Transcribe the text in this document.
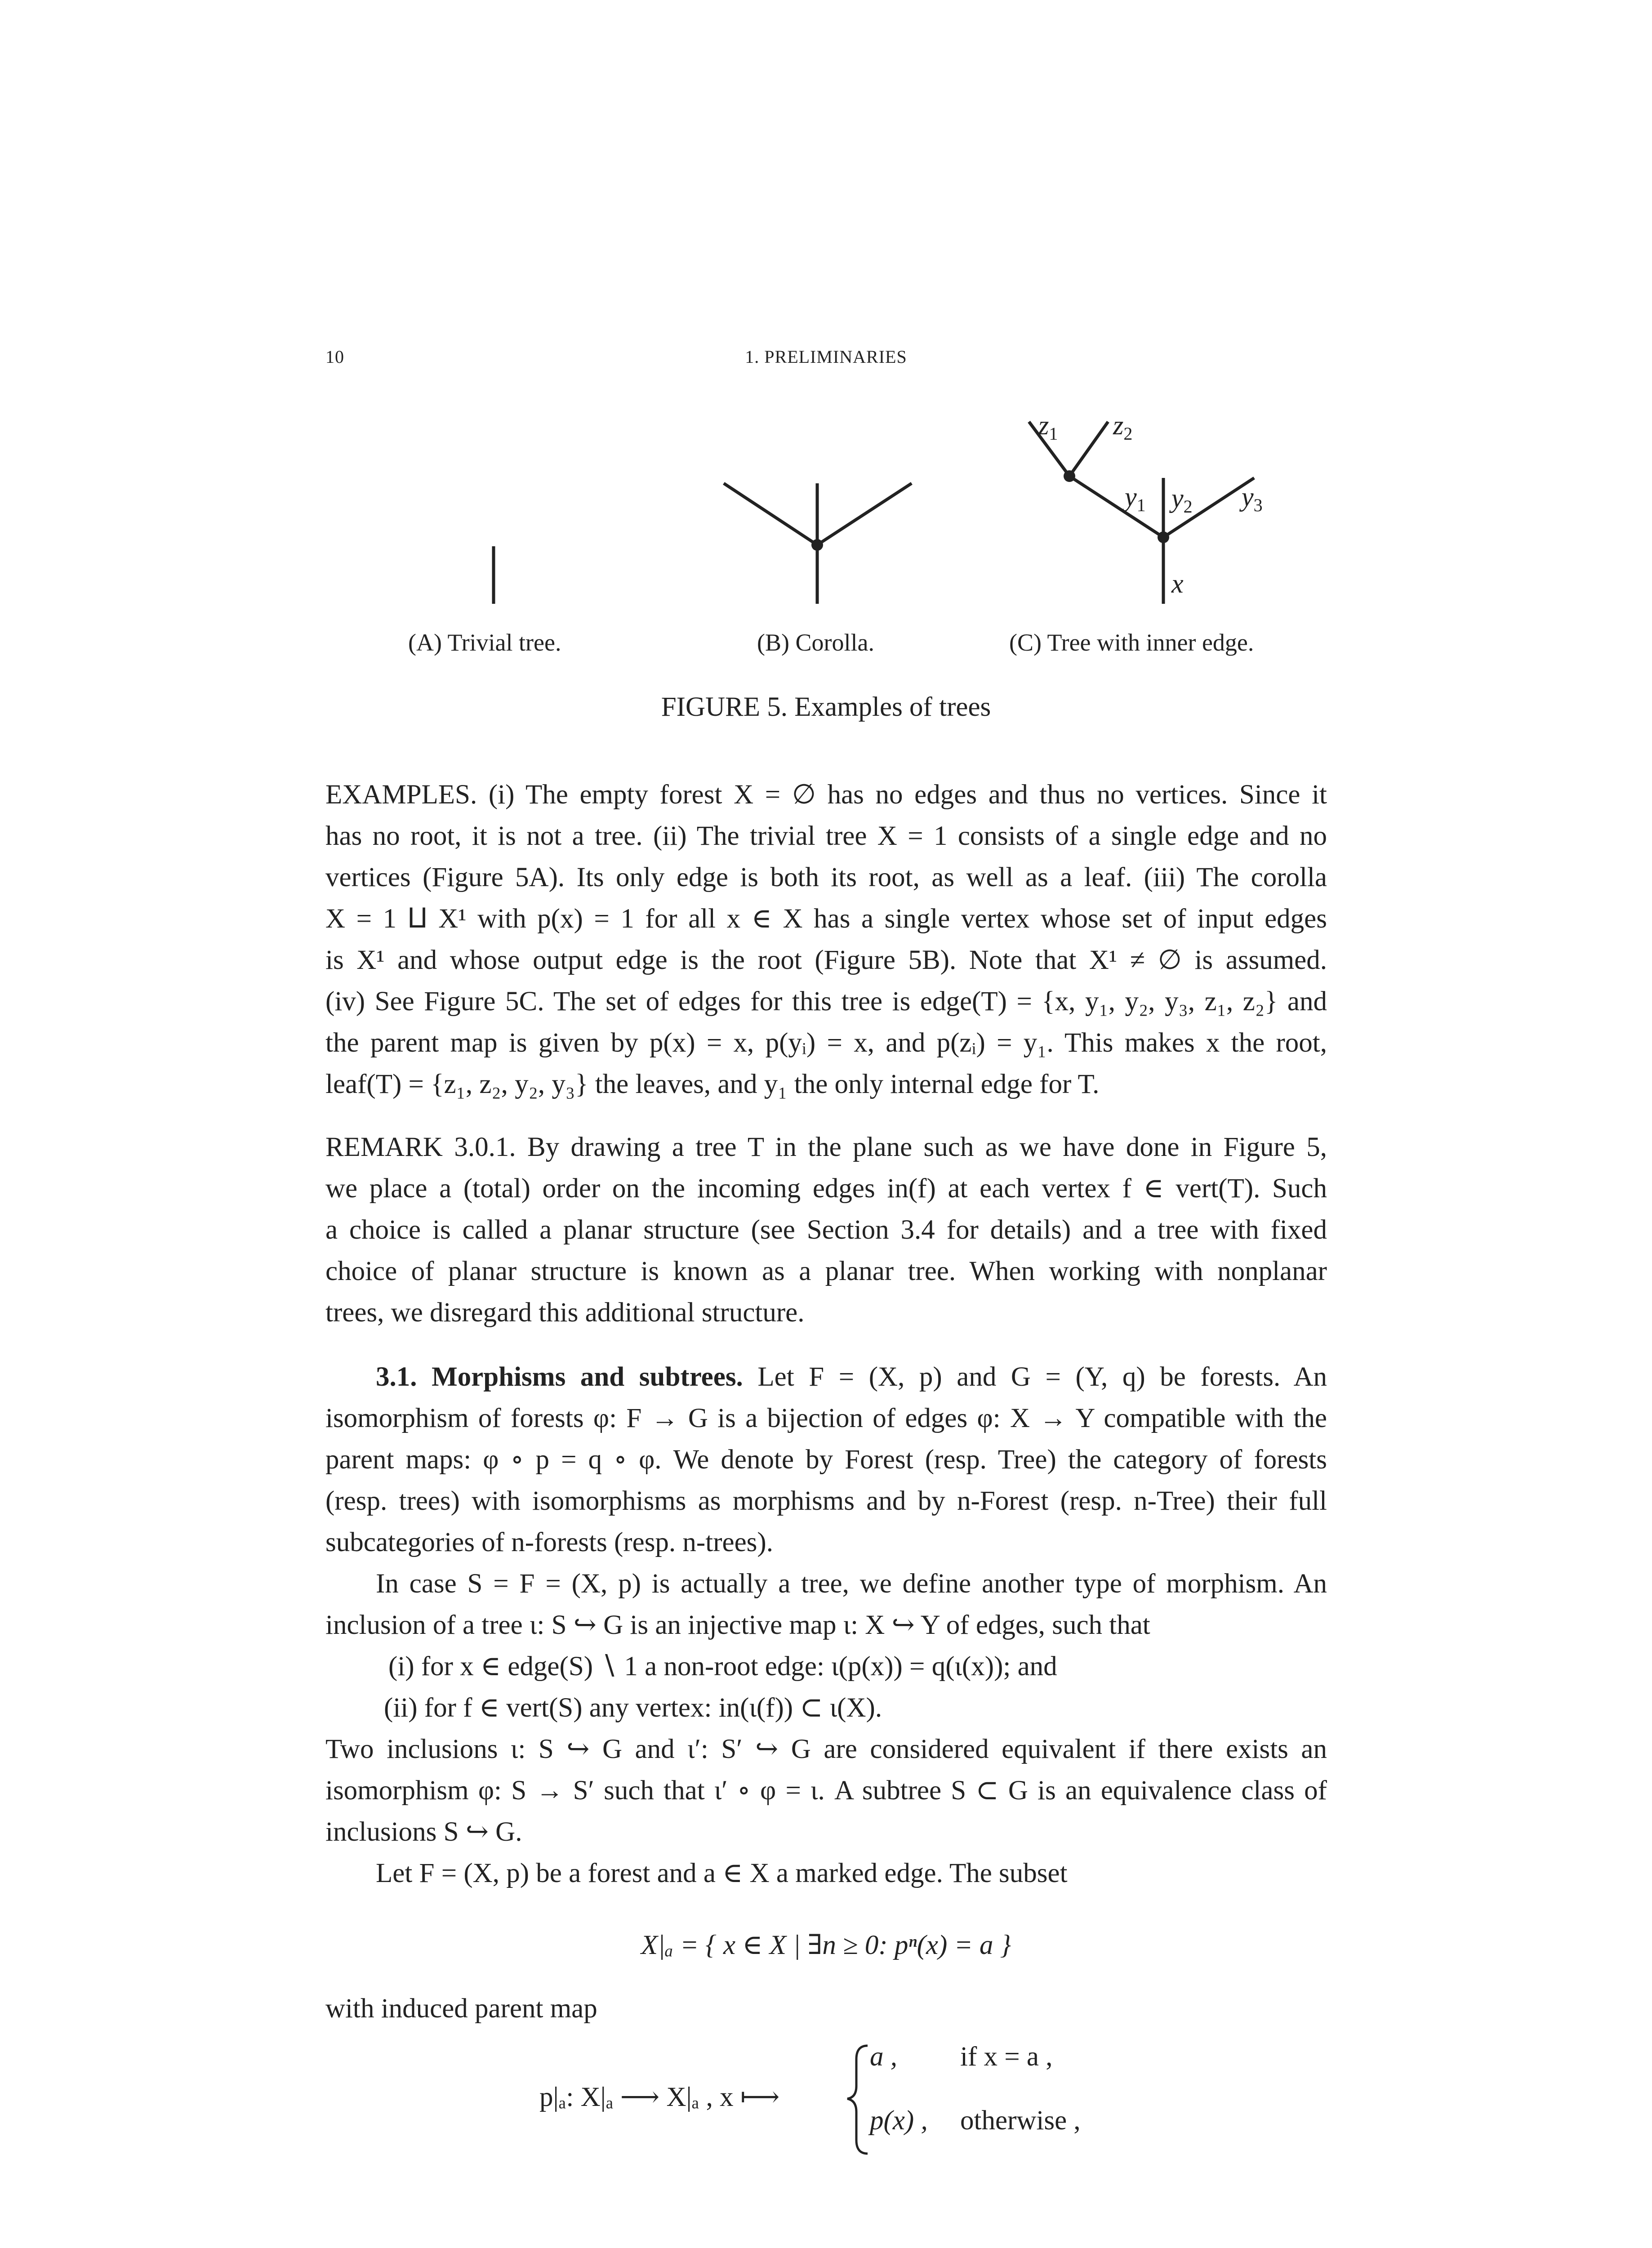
10	1. PRELIMINARIES
$z_1$ $z_2$
$y_1$ $y_2$ $y_3$
x
(A) Trivial tree.	(B) Corolla.	(C) Tree with inner edge.
FIGURE 5. Examples of trees
EXAMPLES. (i) The empty forest X = ∅ has no edges and thus no vertices. Since it
has no root, it is not a tree. (ii) The trivial tree X = 1 consists of a single edge and no
vertices (Figure 5A). Its only edge is both its root, as well as a leaf. (iii) The corolla
X = 1 ⨿ X¹ with p(x) = 1 for all x ∈ X has a single vertex whose set of input edges
is X¹ and whose output edge is the root (Figure 5B). Note that X¹ ≠ ∅ is assumed.
(iv) See Figure 5C. The set of edges for this tree is edge(T) = {x, y₁, y₂, y₃, z₁, z₂} and
the parent map is given by p(x) = x, p(yᵢ) = x, and p(zᵢ) = y₁. This makes x the root,
leaf(T) = {z₁, z₂, y₂, y₃} the leaves, and y₁ the only internal edge for T.
REMARK 3.0.1. By drawing a tree T in the plane such as we have done in Figure 5,
we place a (total) order on the incoming edges in(f) at each vertex f ∈ vert(T). Such
a choice is called a planar structure (see Section 3.4 for details) and a tree with fixed
choice of planar structure is known as a planar tree. When working with nonplanar
trees, we disregard this additional structure.
3.1. Morphisms and subtrees. Let F = (X, p) and G = (Y, q) be forests. An
isomorphism of forests φ: F → G is a bijection of edges φ: X → Y compatible with the
parent maps: φ ∘ p = q ∘ φ. We denote by Forest (resp. Tree) the category of forests
(resp. trees) with isomorphisms as morphisms and by n-Forest (resp. n-Tree) their full
subcategories of n-forests (resp. n-trees).
In case S = F = (X, p) is actually a tree, we define another type of morphism. An
inclusion of a tree ι: S ↪ G is an injective map ι: X ↪ Y of edges, such that
(i) for x ∈ edge(S) ∖ 1 a non-root edge: ι(p(x)) = q(ι(x)); and
(ii) for f ∈ vert(S) any vertex: in(ι(f)) ⊂ ι(X).
Two inclusions ι: S ↪ G and ι′: S′ ↪ G are considered equivalent if there exists an
isomorphism φ: S → S′ such that ι′ ∘ φ = ι. A subtree S ⊂ G is an equivalence class of
inclusions S ↪ G.
Let F = (X, p) be a forest and a ∈ X a marked edge. The subset
X|ₐ = { x ∈ X | ∃n ≥ 0: pⁿ(x) = a }
with induced parent map
p|ₐ: X|ₐ ⟶ X|ₐ , x ⟼
a , if x = a ,
p(x) , otherwise ,
